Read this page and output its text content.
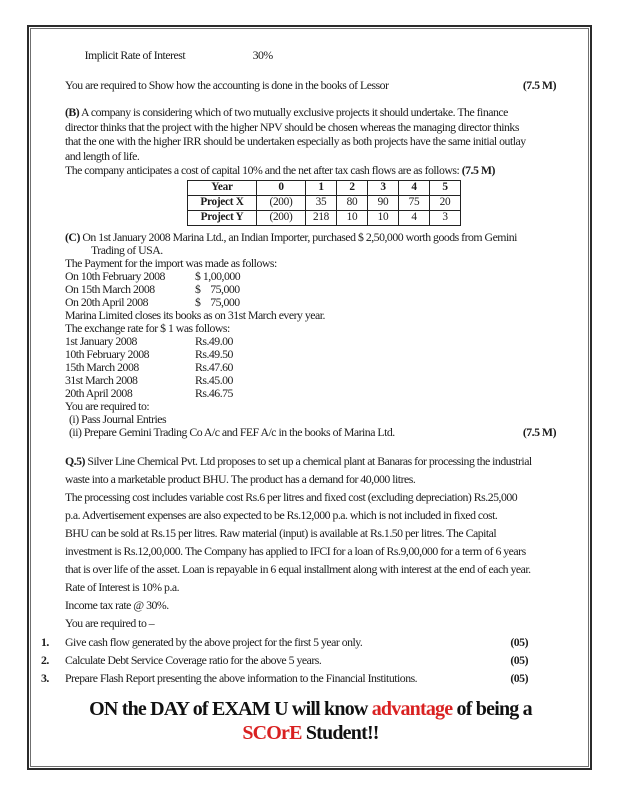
Implicit Rate of Interest	30%

You are required to Show how the accounting is done in the books of Lessor	(7.5 M)
(B) A company is considering which of two mutually exclusive projects it should undertake. The finance
director thinks that the project with the higher NPV should be chosen whereas the managing director thinks
that the one with the higher IRR should be undertaken especially as both projects have the same initial outlay
and length of life.
The company anticipates a cost of capital 10% and the net after tax cash flows are as follows: (7.5 M)
Year	0	1	2	3	4	5
Project X	(200)	35	80	90	75	20
Project Y	(200)	218	10	10	4	3
(C) On 1st January 2008 Marina Ltd., an Indian Importer, purchased $ 2,50,000 worth goods from Gemini
Trading of USA.
The Payment for the import was made as follows:
On 10th February 2008	$ 1,00,000
On 15th March 2008	$    75,000
On 20th April 2008	$    75,000
Marina Limited closes its books as on 31st March every year.
The exchange rate for $ 1 was follows:
1st January 2008	Rs.49.00
10th February 2008	Rs.49.50
15th March 2008	Rs.47.60
31st March 2008	Rs.45.00
20th April 2008	Rs.46.75
You are required to:
(i) Pass Journal Entries
(ii) Prepare Gemini Trading Co A/c and FEF A/c in the books of Marina Ltd.	(7.5 M)
Q.5) Silver Line Chemical Pvt. Ltd proposes to set up a chemical plant at Banaras for processing the industrial
waste into a marketable product BHU. The product has a demand for 40,000 litres.
The processing cost includes variable cost Rs.6 per litres and fixed cost (excluding depreciation) Rs.25,000
p.a. Advertisement expenses are also expected to be Rs.12,000 p.a. which is not included in fixed cost.
BHU can be sold at Rs.15 per litres. Raw material (input) is available at Rs.1.50 per litres. The Capital
investment is Rs.12,00,000. The Company has applied to IFCI for a loan of Rs.9,00,000 for a term of 6 years
that is over life of the asset. Loan is repayable in 6 equal installment along with interest at the end of each year.
Rate of Interest is 10% p.a.
Income tax rate @ 30%.
You are required to –
1. Give cash flow generated by the above project for the first 5 year only.	(05)
2. Calculate Debt Service Coverage ratio for the above 5 years.	(05)
3. Prepare Flash Report presenting the above information to the Financial Institutions.	(05)
ON the DAY of EXAM U will know advantage of being a
SCOrE Student!!
